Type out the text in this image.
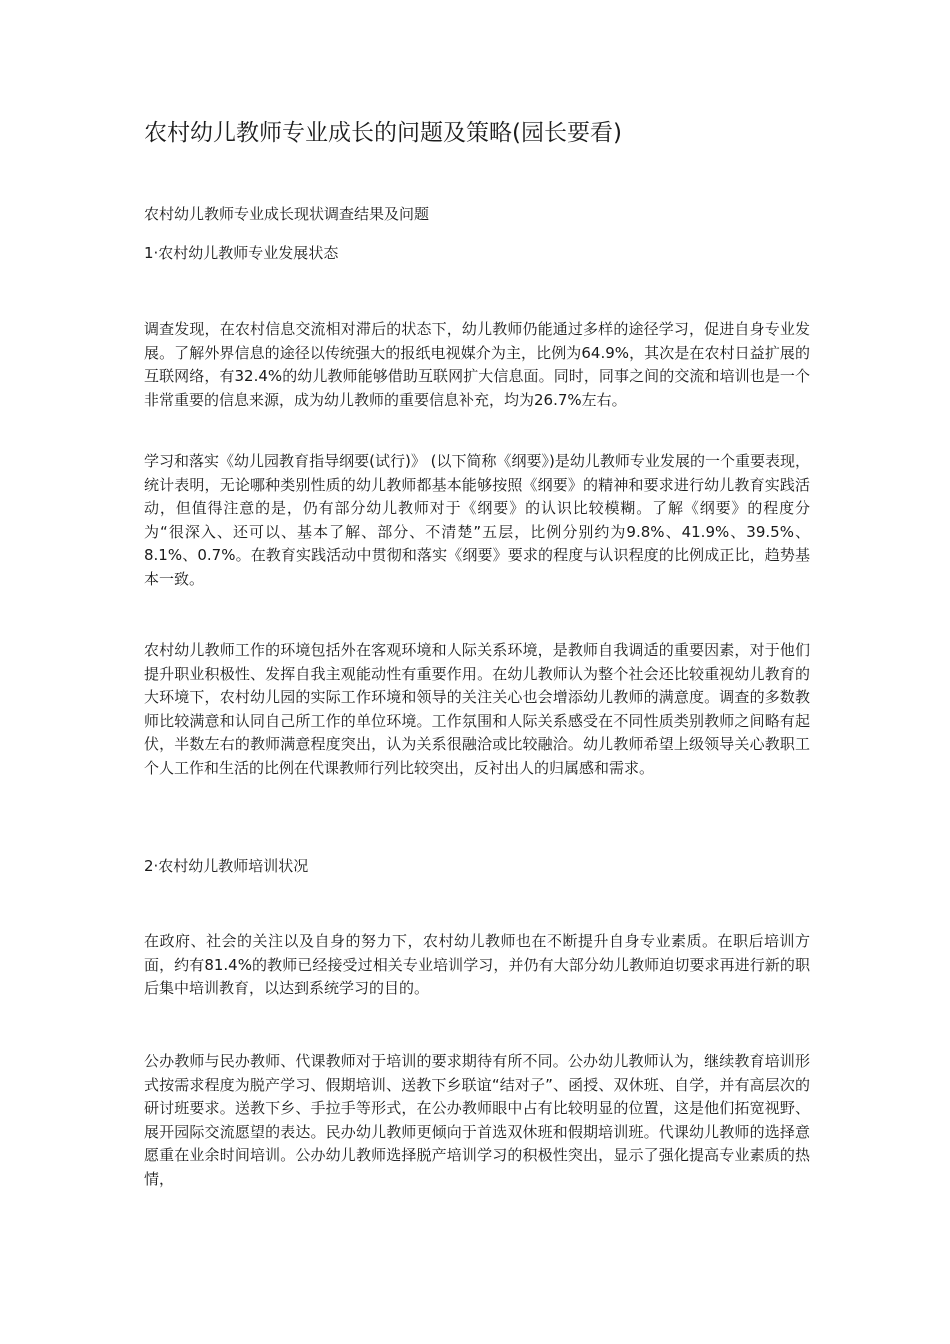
农村幼儿教师专业成长的问题及策略(园长要看)

农村幼儿教师专业成长现状调查结果及问题

1·农村幼儿教师专业发展状态

调查发现，在农村信息交流相对滞后的状态下，幼儿教师仍能通过多样的途径学习，促进自身专业发展。了解外界信息的途径以传统强大的报纸电视媒介为主，比例为64.9%，其次是在农村日益扩展的互联网络，有32.4%的幼儿教师能够借助互联网扩大信息面。同时，同事之间的交流和培训也是一个非常重要的信息来源，成为幼儿教师的重要信息补充，均为26.7%左右。

学习和落实《幼儿园教育指导纲要(试行)》 (以下简称《纲要》)是幼儿教师专业发展的一个重要表现，统计表明，无论哪种类别性质的幼儿教师都基本能够按照《纲要》的精神和要求进行幼儿教育实践活动，但值得注意的是，仍有部分幼儿教师对于《纲要》的认识比较模糊。了解《纲要》的程度分为“很深入、还可以、基本了解、部分、不清楚”五层，比例分别约为9.8%、41.9%、39.5%、8.1%、0.7%。在教育实践活动中贯彻和落实《纲要》要求的程度与认识程度的比例成正比，趋势基本一致。

农村幼儿教师工作的环境包括外在客观环境和人际关系环境，是教师自我调适的重要因素，对于他们提升职业积极性、发挥自我主观能动性有重要作用。在幼儿教师认为整个社会还比较重视幼儿教育的大环境下，农村幼儿园的实际工作环境和领导的关注关心也会增添幼儿教师的满意度。调查的多数教师比较满意和认同自己所工作的单位环境。工作氛围和人际关系感受在不同性质类别教师之间略有起伏，半数左右的教师满意程度突出，认为关系很融洽或比较融洽。幼儿教师希望上级领导关心教职工个人工作和生活的比例在代课教师行列比较突出，反衬出人的归属感和需求。

2·农村幼儿教师培训状况

在政府、社会的关注以及自身的努力下，农村幼儿教师也在不断提升自身专业素质。在职后培训方面，约有81.4%的教师已经接受过相关专业培训学习，并仍有大部分幼儿教师迫切要求再进行新的职后集中培训教育，以达到系统学习的目的。

公办教师与民办教师、代课教师对于培训的要求期待有所不同。公办幼儿教师认为，继续教育培训形式按需求程度为脱产学习、假期培训、送教下乡联谊“结对子”、函授、双休班、自学，并有高层次的研讨班要求。送教下乡、手拉手等形式，在公办教师眼中占有比较明显的位置，这是他们拓宽视野、展开园际交流愿望的表达。民办幼儿教师更倾向于首选双休班和假期培训班。代课幼儿教师的选择意愿重在业余时间培训。公办幼儿教师选择脱产培训学习的积极性突出，显示了强化提高专业素质的热情，
